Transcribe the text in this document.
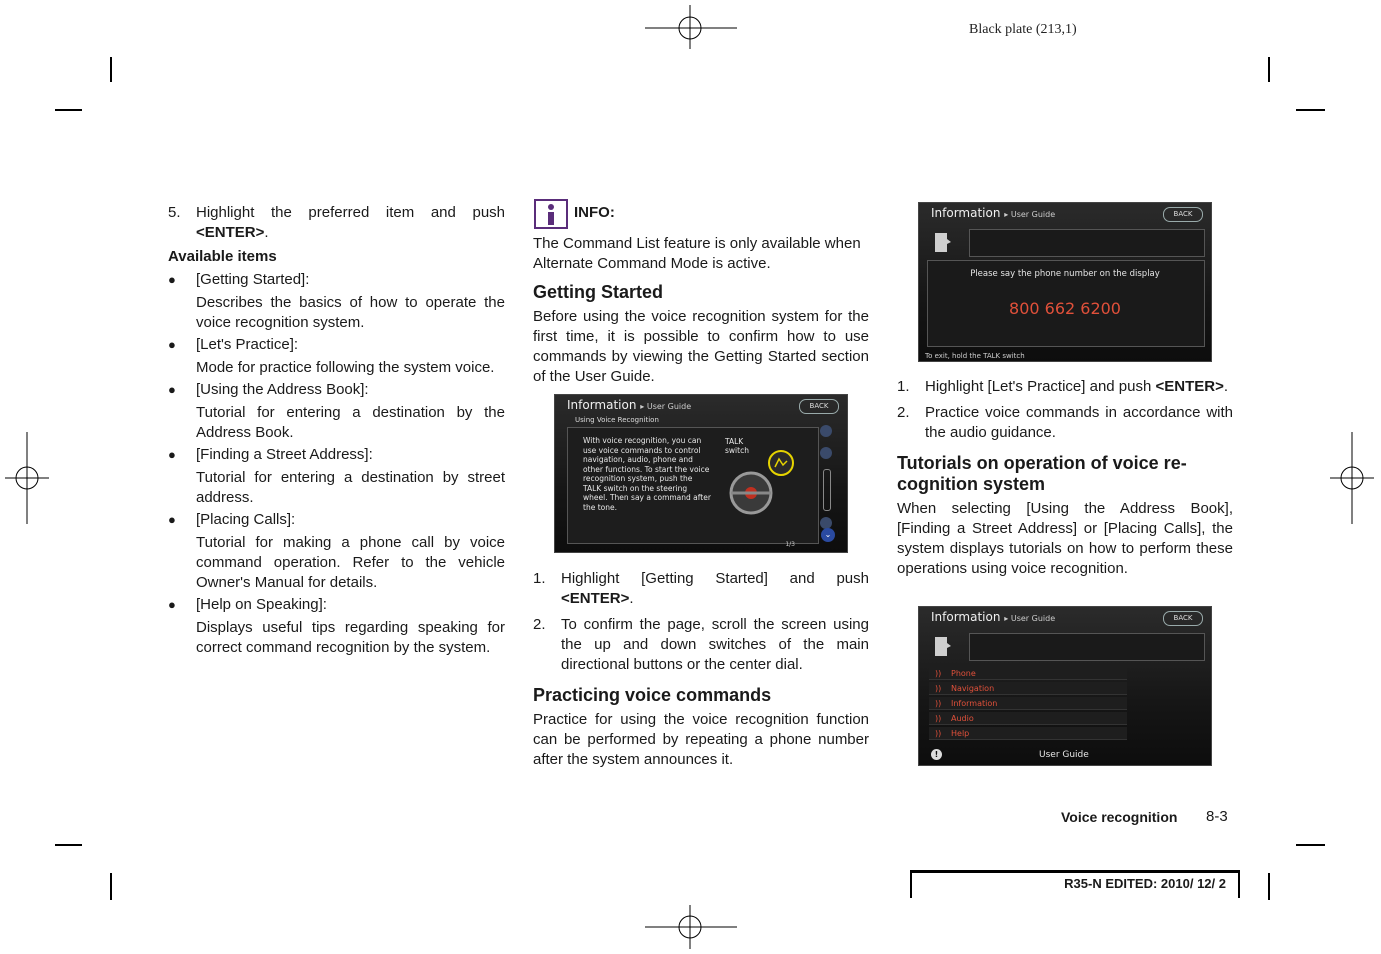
Black plate (213,1)
5. Highlight the preferred item and push <ENTER>.

Available items

● [Getting Started]:
Describes the basics of how to operate the voice recognition system.
● [Let's Practice]:
Mode for practice following the system voice.
● [Using the Address Book]:
Tutorial for entering a destination by the Address Book.
● [Finding a Street Address]:
Tutorial for entering a destination by street address.
● [Placing Calls]:
Tutorial for making a phone call by voice command operation. Refer to the vehicle Owner's Manual for details.
● [Help on Speaking]:
Displays useful tips regarding speaking for correct command recognition by the system.
INFO:

The Command List feature is only available when Alternate Command Mode is active.

Getting Started

Before using the voice recognition system for the first time, it is possible to confirm how to use commands by viewing the Getting Started section of the User Guide.

Information ▸ User Guide	BACK
Using Voice Recognition
With voice recognition, you can use voice commands to control navigation, audio, phone and other functions. To start the voice recognition system, push the TALK switch on the steering wheel. Then say a command after the tone.
TALK switch
⌄
1/3
1. Highlight [Getting Started] and push <ENTER>.
2. To confirm the page, scroll the screen using the up and down switches of the main directional buttons or the center dial.
Practicing voice commands

Practice for using the voice recognition function can be performed by repeating a phone number after the system announces it.

Information ▸ User Guide	BACK
Please say the phone number on the display
800 662 6200
To exit, hold the TALK switch
1. Highlight [Let's Practice] and push <ENTER>.
2. Practice voice commands in accordance with the audio guidance.
Tutorials on operation of voice re-cognition system

When selecting [Using the Address Book], [Finding a Street Address] or [Placing Calls], the system displays tutorials on how to perform these operations using voice recognition.

Information ▸ User Guide	BACK
)) Phone
)) Navigation
)) Information
)) Audio
)) Help
!	User Guide
Voice recognition 8-3
R35-N EDITED: 2010/ 12/ 2
